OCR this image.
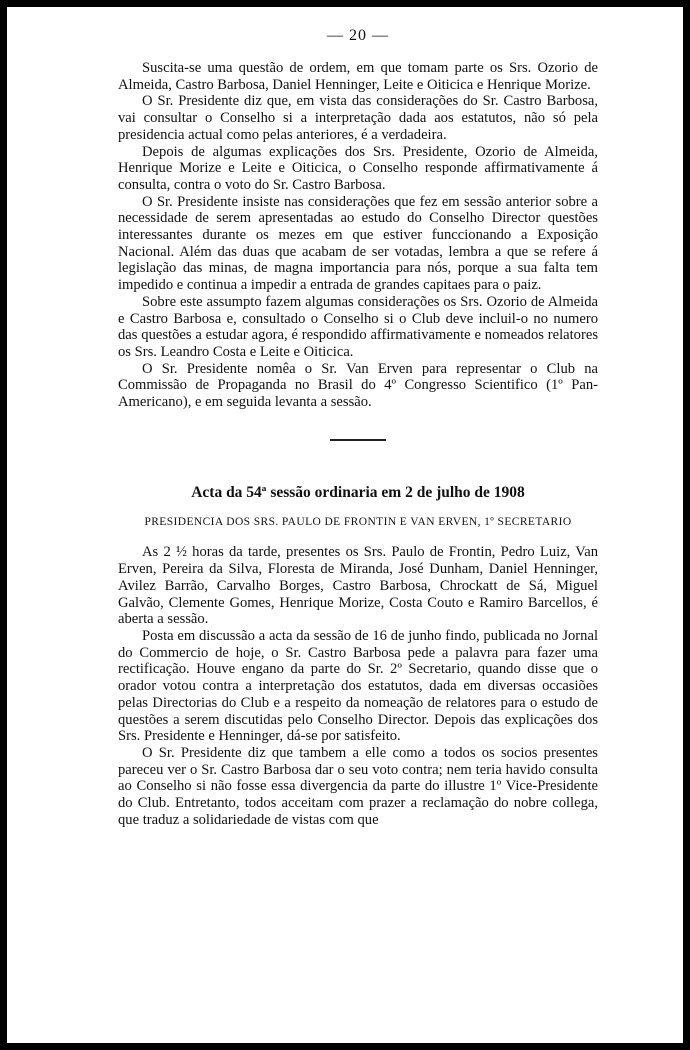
— 20 —

Suscita-se uma questão de ordem, em que tomam parte os Srs. Ozorio de Almeida, Castro Barbosa, Daniel Henninger, Leite e Oiticica e Henrique Morize.

O Sr. Presidente diz que, em vista das considerações do Sr. Castro Barbosa, vai consultar o Conselho si a interpretação dada aos estatutos, não só pela presidencia actual como pelas anteriores, é a verdadeira.

Depois de algumas explicações dos Srs. Presidente, Ozorio de Almeida, Henrique Morize e Leite e Oiticica, o Conselho responde affirmativamente á consulta, contra o voto do Sr. Castro Barbosa.

O Sr. Presidente insiste nas considerações que fez em sessão anterior sobre a necessidade de serem apresentadas ao estudo do Conselho Director questões interessantes durante os mezes em que estiver funccionando a Exposição Nacional. Além das duas que acabam de ser votadas, lembra a que se refere á legislação das minas, de magna importancia para nós, porque a sua falta tem impedido e continua a impedir a entrada de grandes capitaes para o paiz.

Sobre este assumpto fazem algumas considerações os Srs. Ozorio de Almeida e Castro Barbosa e, consultado o Conselho si o Club deve incluil-o no numero das questões a estudar agora, é respondido affirmativamente e nomeados relatores os Srs. Leandro Costa e Leite e Oiticica.

O Sr. Presidente nomêa o Sr. Van Erven para representar o Club na Commissão de Propaganda no Brasil do 4º Congresso Scientifico (1º Pan-Americano), e em seguida levanta a sessão.

Acta da 54ª sessão ordinaria em 2 de julho de 1908
PRESIDENCIA DOS SRS. PAULO DE FRONTIN E VAN ERVEN, 1º SECRETARIO

As 2 ½ horas da tarde, presentes os Srs. Paulo de Frontin, Pedro Luiz, Van Erven, Pereira da Silva, Floresta de Miranda, José Dunham, Daniel Henninger, Avilez Barrão, Carvalho Borges, Castro Barbosa, Chrockatt de Sá, Miguel Galvão, Clemente Gomes, Henrique Morize, Costa Couto e Ramiro Barcellos, é aberta a sessão.

Posta em discussão a acta da sessão de 16 de junho findo, publicada no Jornal do Commercio de hoje, o Sr. Castro Barbosa pede a palavra para fazer uma rectificação. Houve engano da parte do Sr. 2º Secretario, quando disse que o orador votou contra a interpretação dos estatutos, dada em diversas occasiões pelas Directorias do Club e a respeito da nomeação de relatores para o estudo de questões a serem discutidas pelo Conselho Director. Depois das explicações dos Srs. Presidente e Henninger, dá-se por satisfeito.

O Sr. Presidente diz que tambem a elle como a todos os socios presentes pareceu ver o Sr. Castro Barbosa dar o seu voto contra; nem teria havido consulta ao Conselho si não fosse essa divergencia da parte do illustre 1º Vice-Presidente do Club. Entretanto, todos acceitam com prazer a reclamação do nobre collega, que traduz a solidariedade de vistas com que
